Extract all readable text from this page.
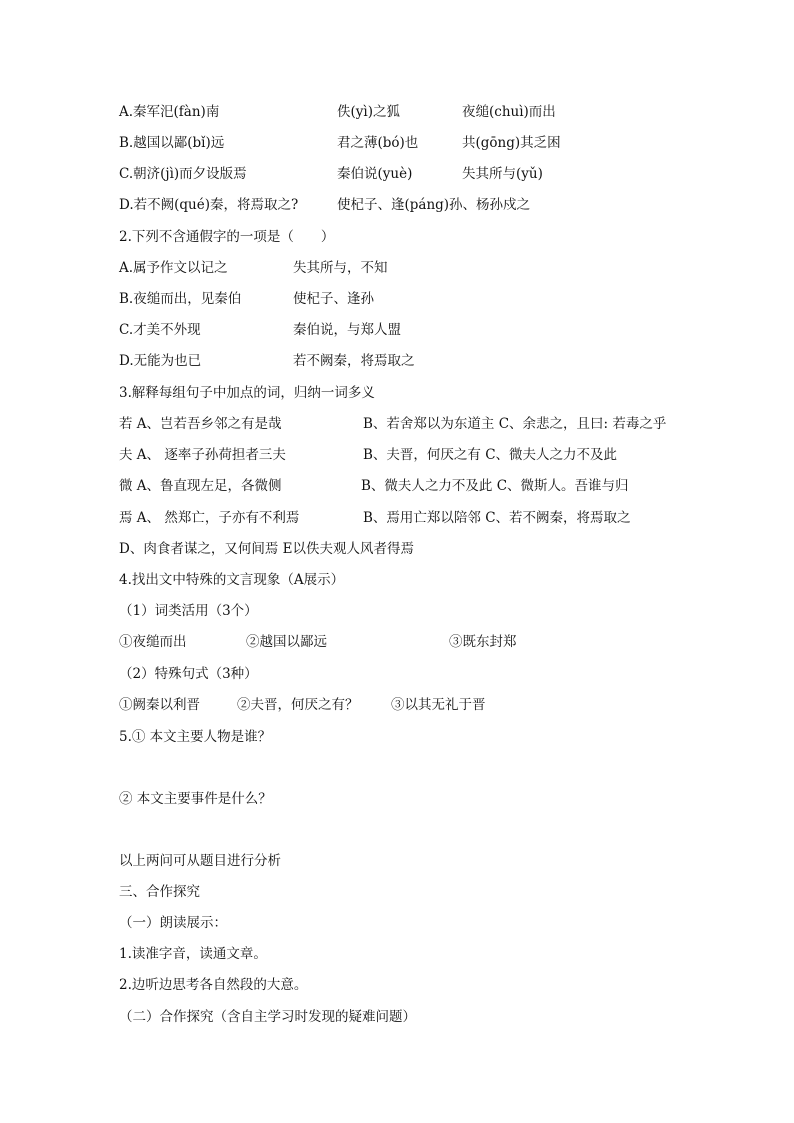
A.秦军汜(fàn)南	佚(yì)之狐	夜缒(chuì)而出
B.越国以鄙(bǐ)远	君之薄(bó)也	共(gōng)其乏困
C.朝济(jì)而夕设版焉	秦伯说(yuè)	失其所与(yǔ)
D.若不阙(qué)秦，将焉取之?	使杞子、逢(páng)孙、杨孙戍之
2.下列不含通假字的一项是（　　）
A.属予作文以记之	失其所与，不知
B.夜缒而出，见秦伯	使杞子、逢孙
C.才美不外现	秦伯说，与郑人盟
D.无能为也已	若不阙秦，将焉取之
3.解释每组句子中加点的词，归纳一词多义
若 A、岂若吾乡邻之有是哉	B、若舍郑以为东道主 C、余悲之，且曰: 若毒之乎
夫 A、 逐率子孙荷担者三夫	B、夫晋，何厌之有 C、微夫人之力不及此
微 A、鲁直现左足，各微侧	B、微夫人之力不及此 C、微斯人。吾谁与归
焉 A、 然郑亡，子亦有不利焉	B、焉用亡郑以陪邻 C、若不阙秦，将焉取之
D、肉食者谋之，又何间焉 E以佚夫观人风者得焉
4.找出文中特殊的文言现象（A展示）
（1）词类活用（3个）
①夜缒而出	②越国以鄙远	③既东封郑
（2）特殊句式（3种）
①阙秦以利晋	②夫晋，何厌之有？ ③以其无礼于晋
5.① 本文主要人物是谁？
② 本文主要事件是什么？
以上两问可从题目进行分析
三、合作探究
（一）朗读展示：
1.读准字音，读通文章。
2.边听边思考各自然段的大意。
（二）合作探究（含自主学习时发现的疑难问题）
